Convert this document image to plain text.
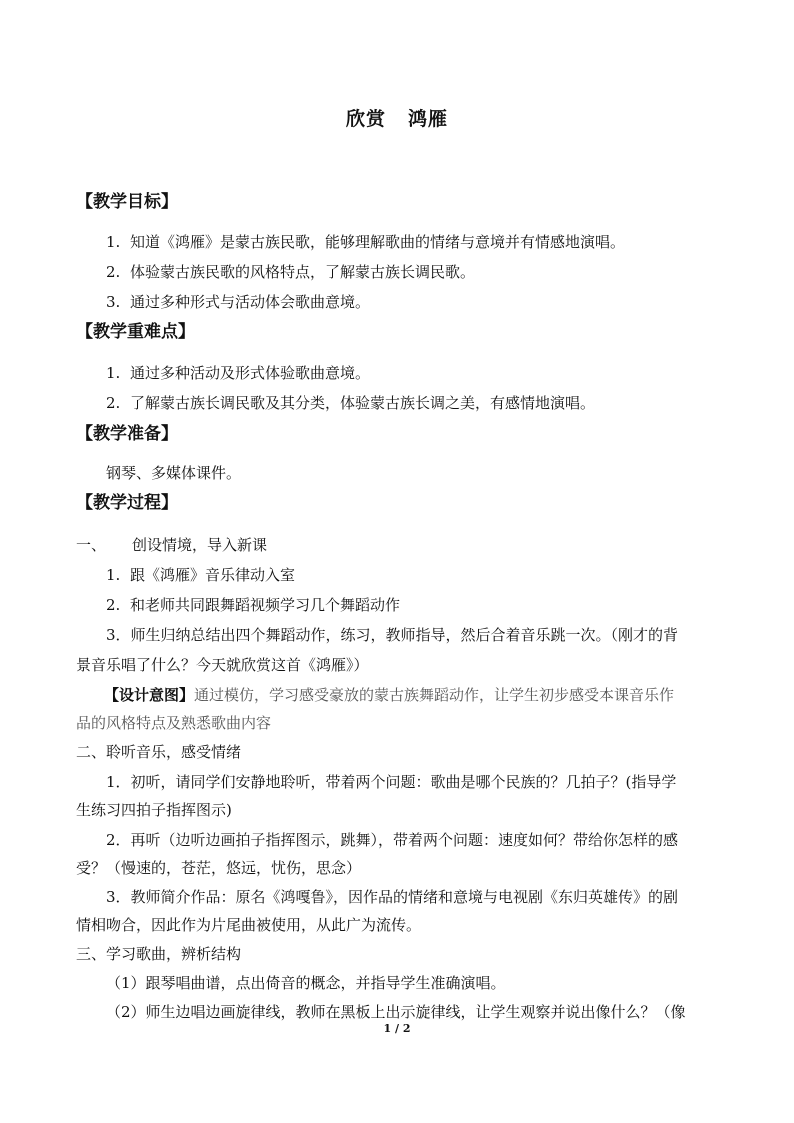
欣赏 鸿雁
【教学目标】
1. 知道《鸿雁》是蒙古族民歌，能够理解歌曲的情绪与意境并有情感地演唱。
2. 体验蒙古族民歌的风格特点，了解蒙古族长调民歌。
3. 通过多种形式与活动体会歌曲意境。
【教学重难点】
1. 通过多种活动及形式体验歌曲意境。
2. 了解蒙古族长调民歌及其分类，体验蒙古族长调之美，有感情地演唱。
【教学准备】
钢琴、多媒体课件。
【教学过程】
一、 创设情境，导入新课
1. 跟《鸿雁》音乐律动入室
2. 和老师共同跟舞蹈视频学习几个舞蹈动作
3．师生归纳总结出四个舞蹈动作，练习，教师指导，然后合着音乐跳一次。（刚才的背
景音乐唱了什么？今天就欣赏这首《鸿雁》）
【设计意图】通过模仿，学习感受豪放的蒙古族舞蹈动作，让学生初步感受本课音乐作
品的风格特点及熟悉歌曲内容
二、聆听音乐，感受情绪
1．初听，请同学们安静地聆听，带着两个问题：歌曲是哪个民族的？几拍子？(指导学
生练习四拍子指挥图示)
2．再听（边听边画拍子指挥图示，跳舞），带着两个问题：速度如何？带给你怎样的感
受？（慢速的，苍茫，悠远，忧伤，思念）
3．教师简介作品：原名《鸿嘎鲁》，因作品的情绪和意境与电视剧《东归英雄传》的剧
情相吻合，因此作为片尾曲被使用，从此广为流传。
三、学习歌曲，辨析结构
（1）跟琴唱曲谱，点出倚音的概念，并指导学生准确演唱。
（2）师生边唱边画旋律线，教师在黑板上出示旋律线，让学生观察并说出像什么？（像
1 / 2
